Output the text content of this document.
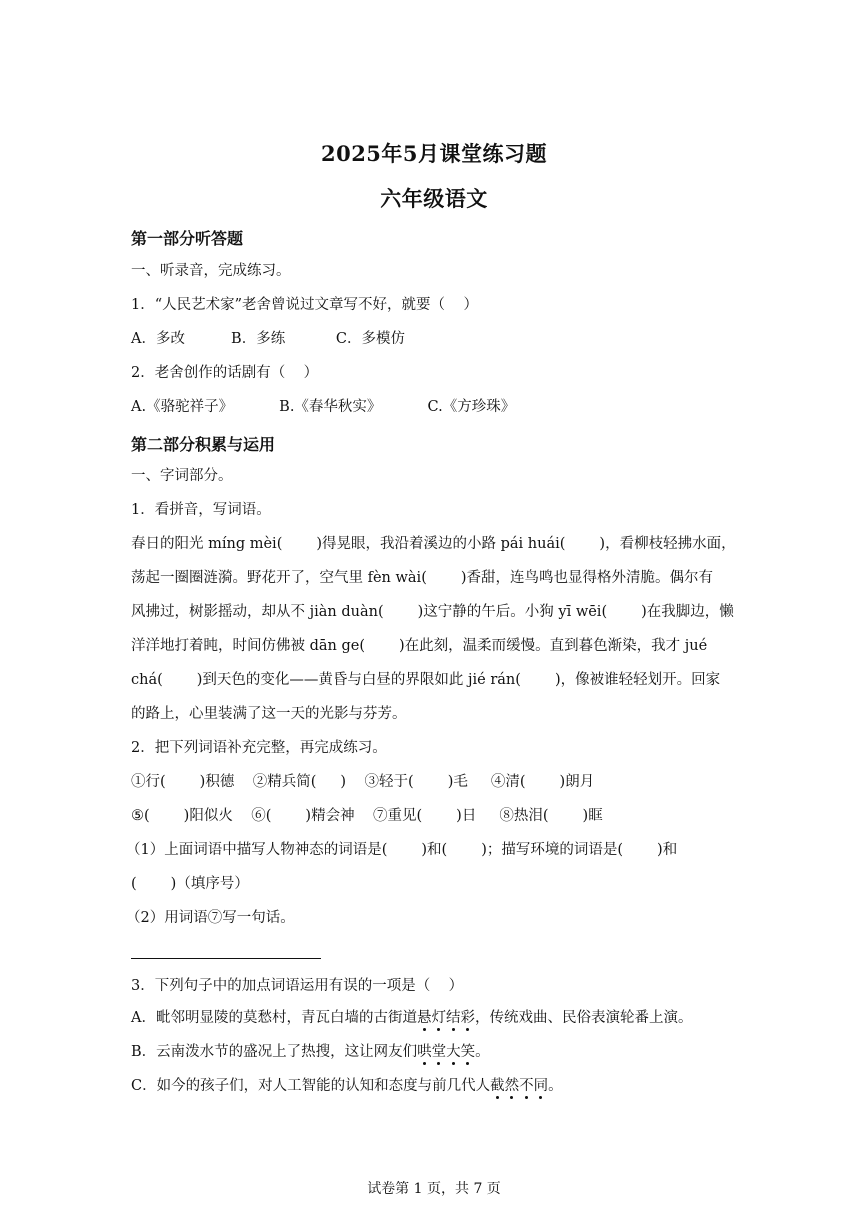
2025年5月课堂练习题
六年级语文
第一部分听答题
一、听录音，完成练习。
1．“人民艺术家”老舍曾说过文章写不好，就要（    ）
A．多改          B．多练           C．多模仿
2．老舍创作的话剧有（    ）
A.《骆驼祥子》          B.《春华秋实》          C.《方珍珠》
第二部分积累与运用
一、字词部分。
1．看拼音，写词语。
春日的阳光 míng mèi( )得晃眼，我沿着溪边的小路 pái huái( )，看柳枝轻拂水面，
荡起一圈圈涟漪。野花开了，空气里 fèn wài( )香甜，连鸟鸣也显得格外清脆。偶尔有
风拂过，树影摇动，却从不 jiàn duàn( )这宁静的午后。小狗 yī wēi( )在我脚边，懒
洋洋地打着盹，时间仿佛被 dān ge( )在此刻，温柔而缓慢。直到暮色渐染，我才 jué
chá( )到天色的变化——黄昏与白昼的界限如此 jié rán( )，像被谁轻轻划开。回家
的路上，心里装满了这一天的光影与芬芳。
2．把下列词语补充完整，再完成练习。
①行( )积德    ②精兵简( )    ③轻于( )毛     ④清( )朗月
⑤( )阳似火    ⑥( )精会神    ⑦重见( )日     ⑧热泪( )眶
（1）上面词语中描写人物神态的词语是( )和( )；描写环境的词语是( )和
( )（填序号）
（2）用词语⑦写一句话。
3．下列句子中的加点词语运用有误的一项是（    ）
A．毗邻明显陵的莫愁村，青瓦白墙的古街道悬灯结彩，传统戏曲、民俗表演轮番上演。
B．云南泼水节的盛况上了热搜，这让网友们哄堂大笑。
C．如今的孩子们，对人工智能的认知和态度与前几代人截然不同。
试卷第 1 页，共 7 页
